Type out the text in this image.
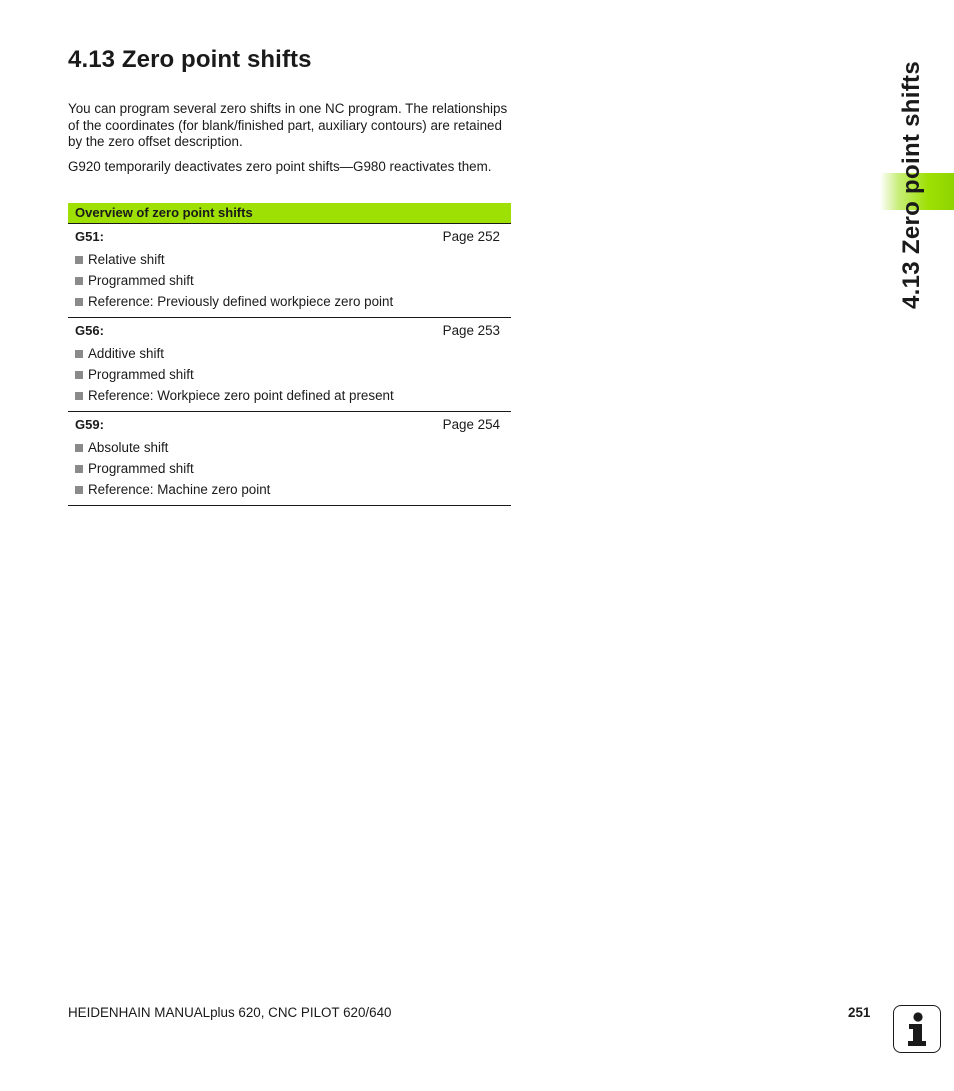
4.13 Zero point shifts

You can program several zero shifts in one NC program. The relationships of the coordinates (for blank/finished part, auxiliary contours) are retained by the zero offset description.

G920 temporarily deactivates zero point shifts—G980 reactivates them.

Overview of zero point shifts
G51:	Page 252
Relative shift
Programmed shift
Reference: Previously defined workpiece zero point
G56:	Page 253
Additive shift
Programmed shift
Reference: Workpiece zero point defined at present
G59:	Page 254
Absolute shift
Programmed shift
Reference: Machine zero point
4.13 Zero point shifts
HEIDENHAIN MANUALplus 620, CNC PILOT 620/640	251
